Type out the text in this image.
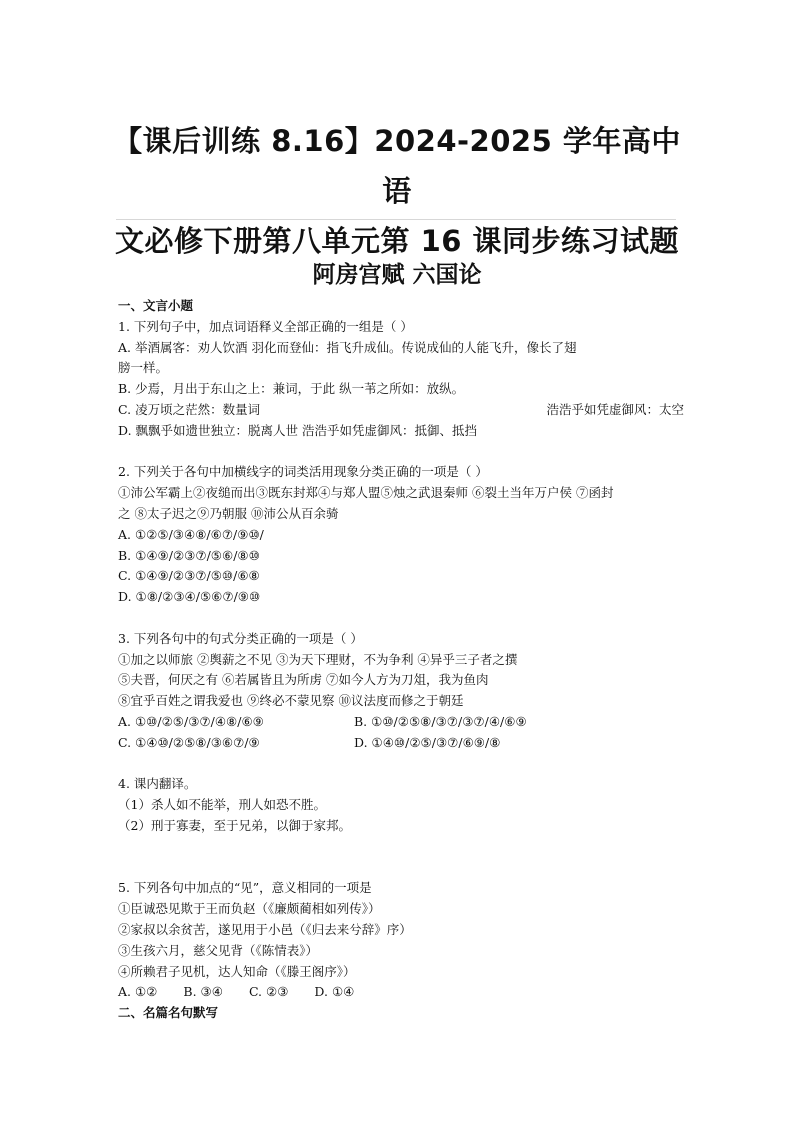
【课后训练 8.16】2024-2025 学年高中语
文必修下册第八单元第 16 课同步练习试题
阿房宫赋 六国论
一、文言小题
1. 下列句子中，加点词语释义全部正确的一组是（ ）
A. 举酒属客：劝人饮酒 羽化而登仙：指飞升成仙。传说成仙的人能飞升，像长了翅
膀一样。
B. 少焉，月出于东山之上：兼词，于此 纵一苇之所如：放纵。
C. 凌万顷之茫然：数量词	浩浩乎如凭虚御风：太空
D. 飘飘乎如遗世独立：脱离人世 浩浩乎如凭虚御风：抵御、抵挡
2. 下列关于各句中加横线字的词类活用现象分类正确的一项是（ ）
①沛公军霸上②夜缒而出③既东封郑④与郑人盟⑤烛之武退秦师 ⑥裂土当年万户侯 ⑦函封
之 ⑧太子迟之⑨乃朝服 ⑩沛公从百余骑
A. ①②⑤/③④⑧/⑥⑦/⑨⑩/
B. ①④⑨/②③⑦/⑤⑥/⑧⑩
C. ①④⑨/②③⑦/⑤⑩/⑥⑧
D. ①⑧/②③④/⑤⑥⑦/⑨⑩
3. 下列各句中的句式分类正确的一项是（ ）
①加之以师旅 ②舆薪之不见 ③为天下理财，不为争利 ④异乎三子者之撰
⑤夫晋，何厌之有 ⑥若属皆且为所虏 ⑦如今人方为刀俎，我为鱼肉
⑧宜乎百姓之谓我爱也 ⑨终必不蒙见察 ⑩议法度而修之于朝廷
A. ①⑩/②⑤/③⑦/④⑧/⑥⑨	B. ①⑩/②⑤⑧/③⑦/③⑦/④/⑥⑨
C. ①④⑩/②⑤⑧/③⑥⑦/⑨	D. ①④⑩/②⑤/③⑦/⑥⑨/⑧
4. 课内翻译。
（1）杀人如不能举，刑人如恐不胜。
（2）刑于寡妻，至于兄弟，以御于家邦。
5. 下列各句中加点的“见”，意义相同的一项是
①臣诚恐见欺于王而负赵（《廉颇蔺相如列传》）
②家叔以余贫苦，遂见用于小邑（《归去来兮辞》序）
③生孩六月，慈父见背（《陈情表》）
④所赖君子见机，达人知命（《滕王阁序》）
A. ①② B. ③④ C. ②③ D. ①④
二、名篇名句默写
